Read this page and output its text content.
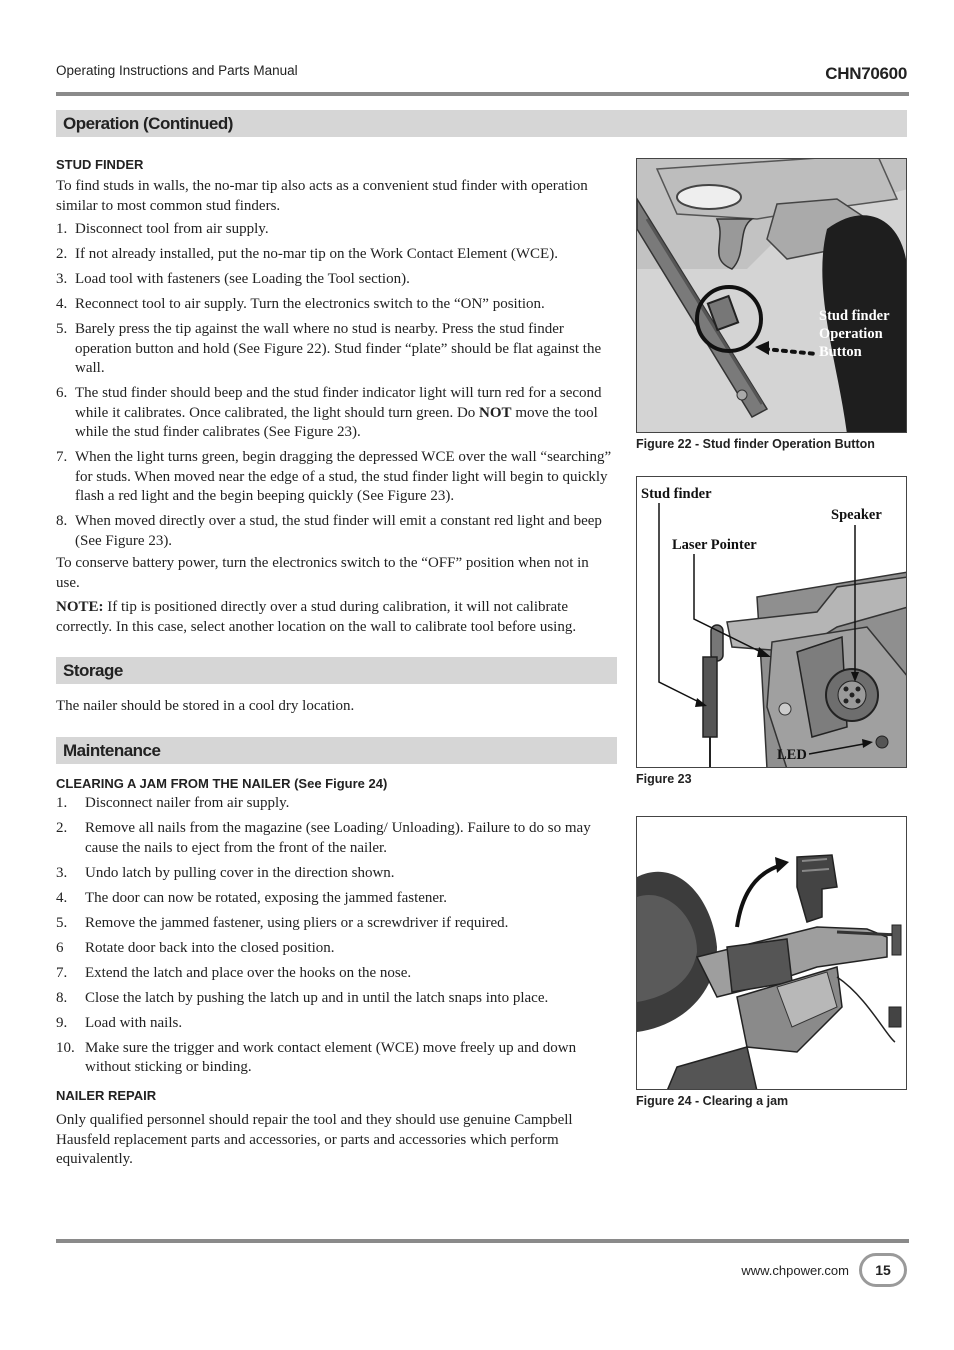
Operating Instructions and Parts Manual	CHN70600
Operation (Continued)
STUD FINDER
To find studs in walls, the no-mar tip also acts as a convenient stud finder with operation similar to most common stud finders.
1. Disconnect tool from air supply.
2. If not already installed, put the no-mar tip on the Work Contact Element (WCE).
3. Load tool with fasteners (see Loading the Tool section).
4. Reconnect tool to air supply. Turn the electronics switch to the “ON” position.
5. Barely press the tip against the wall where no stud is nearby. Press the stud finder operation button and hold (See Figure 22). Stud finder “plate” should be flat against the wall.
6. The stud finder should beep and the stud finder indicator light will turn red for a second while it calibrates. Once calibrated, the light should turn green. Do NOT move the tool while the stud finder calibrates (See Figure 23).
7. When the light turns green, begin dragging the depressed WCE over the wall “searching” for studs. When moved near the edge of a stud, the stud finder light will begin to quickly flash a red light and the begin beeping quickly (See Figure 23).
8. When moved directly over a stud, the stud finder will emit a constant red light and beep (See Figure 23).
To conserve battery power, turn the electronics switch to the “OFF” position when not in use.
NOTE: If tip is positioned directly over a stud during calibration, it will not calibrate correctly. In this case, select another location on the wall to calibrate tool before using.
Storage
The nailer should be stored in a cool dry location.
Maintenance
CLEARING A JAM FROM THE NAILER (See Figure 24)
1. Disconnect nailer from air supply.
2. Remove all nails from the magazine (see Loading/ Unloading). Failure to do so may cause the nails to eject from the front of the nailer.
3. Undo latch by pulling cover in the direction shown.
4. The door can now be rotated, exposing the jammed fastener.
5. Remove the jammed fastener, using pliers or a screwdriver if required.
6 Rotate door back into the closed position.
7. Extend the latch and place over the hooks on the nose.
8. Close the latch by pushing the latch up and in until the latch snaps into place.
9. Load with nails.
10. Make sure the trigger and work contact element (WCE) move freely up and down without sticking or binding.
NAILER REPAIR
Only qualified personnel should repair the tool and they should use genuine Campbell Hausfeld replacement parts and accessories, or parts and accessories which perform equivalently.
Stud finder
Operation
Button
Figure 22 - Stud finder Operation Button
Stud finder
Speaker
Laser Pointer
LED
Figure 23
Figure 24 - Clearing a jam
www.chpower.com	15
